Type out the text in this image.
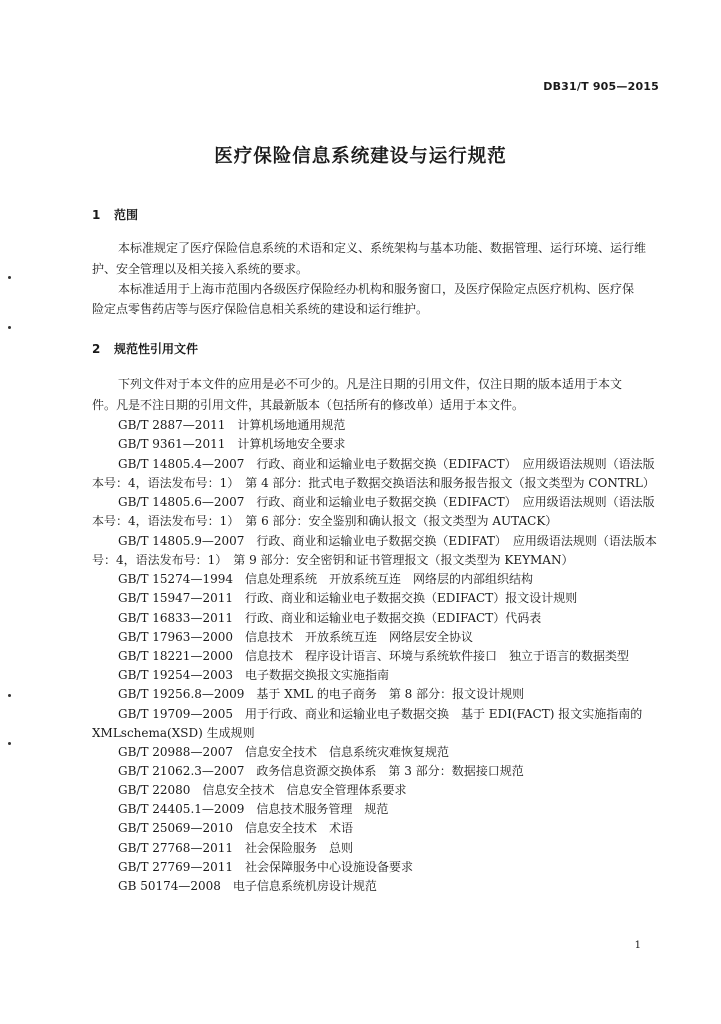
DB31/T 905—2015
医疗保险信息系统建设与运行规范
1 范围
本标准规定了医疗保险信息系统的术语和定义、系统架构与基本功能、数据管理、运行环境、运行维
护、安全管理以及相关接入系统的要求。
本标准适用于上海市范围内各级医疗保险经办机构和服务窗口，及医疗保险定点医疗机构、医疗保
险定点零售药店等与医疗保险信息相关系统的建设和运行维护。
2 规范性引用文件
下列文件对于本文件的应用是必不可少的。凡是注日期的引用文件，仅注日期的版本适用于本文
件。凡是不注日期的引用文件，其最新版本（包括所有的修改单）适用于本文件。
GB/T 2887—2011　计算机场地通用规范
GB/T 9361—2011　计算机场地安全要求
GB/T 14805.4—2007　行政、商业和运输业电子数据交换（EDIFACT）　应用级语法规则（语法版
本号：4，语法发布号：1）　第 4 部分：批式电子数据交换语法和服务报告报文（报文类型为 CONTRL）
GB/T 14805.6—2007　行政、商业和运输业电子数据交换（EDIFACT）　应用级语法规则（语法版
本号：4，语法发布号：1）　第 6 部分：安全鉴别和确认报文（报文类型为 AUTACK）
GB/T 14805.9—2007　行政、商业和运输业电子数据交换（EDIFAT）　应用级语法规则（语法版本
号：4，语法发布号：1）　第 9 部分：安全密钥和证书管理报文（报文类型为 KEYMAN）
GB/T 15274—1994　信息处理系统　开放系统互连　网络层的内部组织结构
GB/T 15947—2011　行政、商业和运输业电子数据交换（EDIFACT）报文设计规则
GB/T 16833—2011　行政、商业和运输业电子数据交换（EDIFACT）代码表
GB/T 17963—2000　信息技术　开放系统互连　网络层安全协议
GB/T 18221—2000　信息技术　程序设计语言、环境与系统软件接口　独立于语言的数据类型
GB/T 19254—2003　电子数据交换报文实施指南
GB/T 19256.8—2009　基于 XML 的电子商务　第 8 部分：报文设计规则
GB/T 19709—2005　用于行政、商业和运输业电子数据交换　基于 EDI(FACT) 报文实施指南的
XMLschema(XSD) 生成规则
GB/T 20988—2007　信息安全技术　信息系统灾难恢复规范
GB/T 21062.3—2007　政务信息资源交换体系　第 3 部分：数据接口规范
GB/T 22080　信息安全技术　信息安全管理体系要求
GB/T 24405.1—2009　信息技术服务管理　规范
GB/T 25069—2010　信息安全技术　术语
GB/T 27768—2011　社会保险服务　总则
GB/T 27769—2011　社会保障服务中心设施设备要求
GB 50174—2008　电子信息系统机房设计规范
1
